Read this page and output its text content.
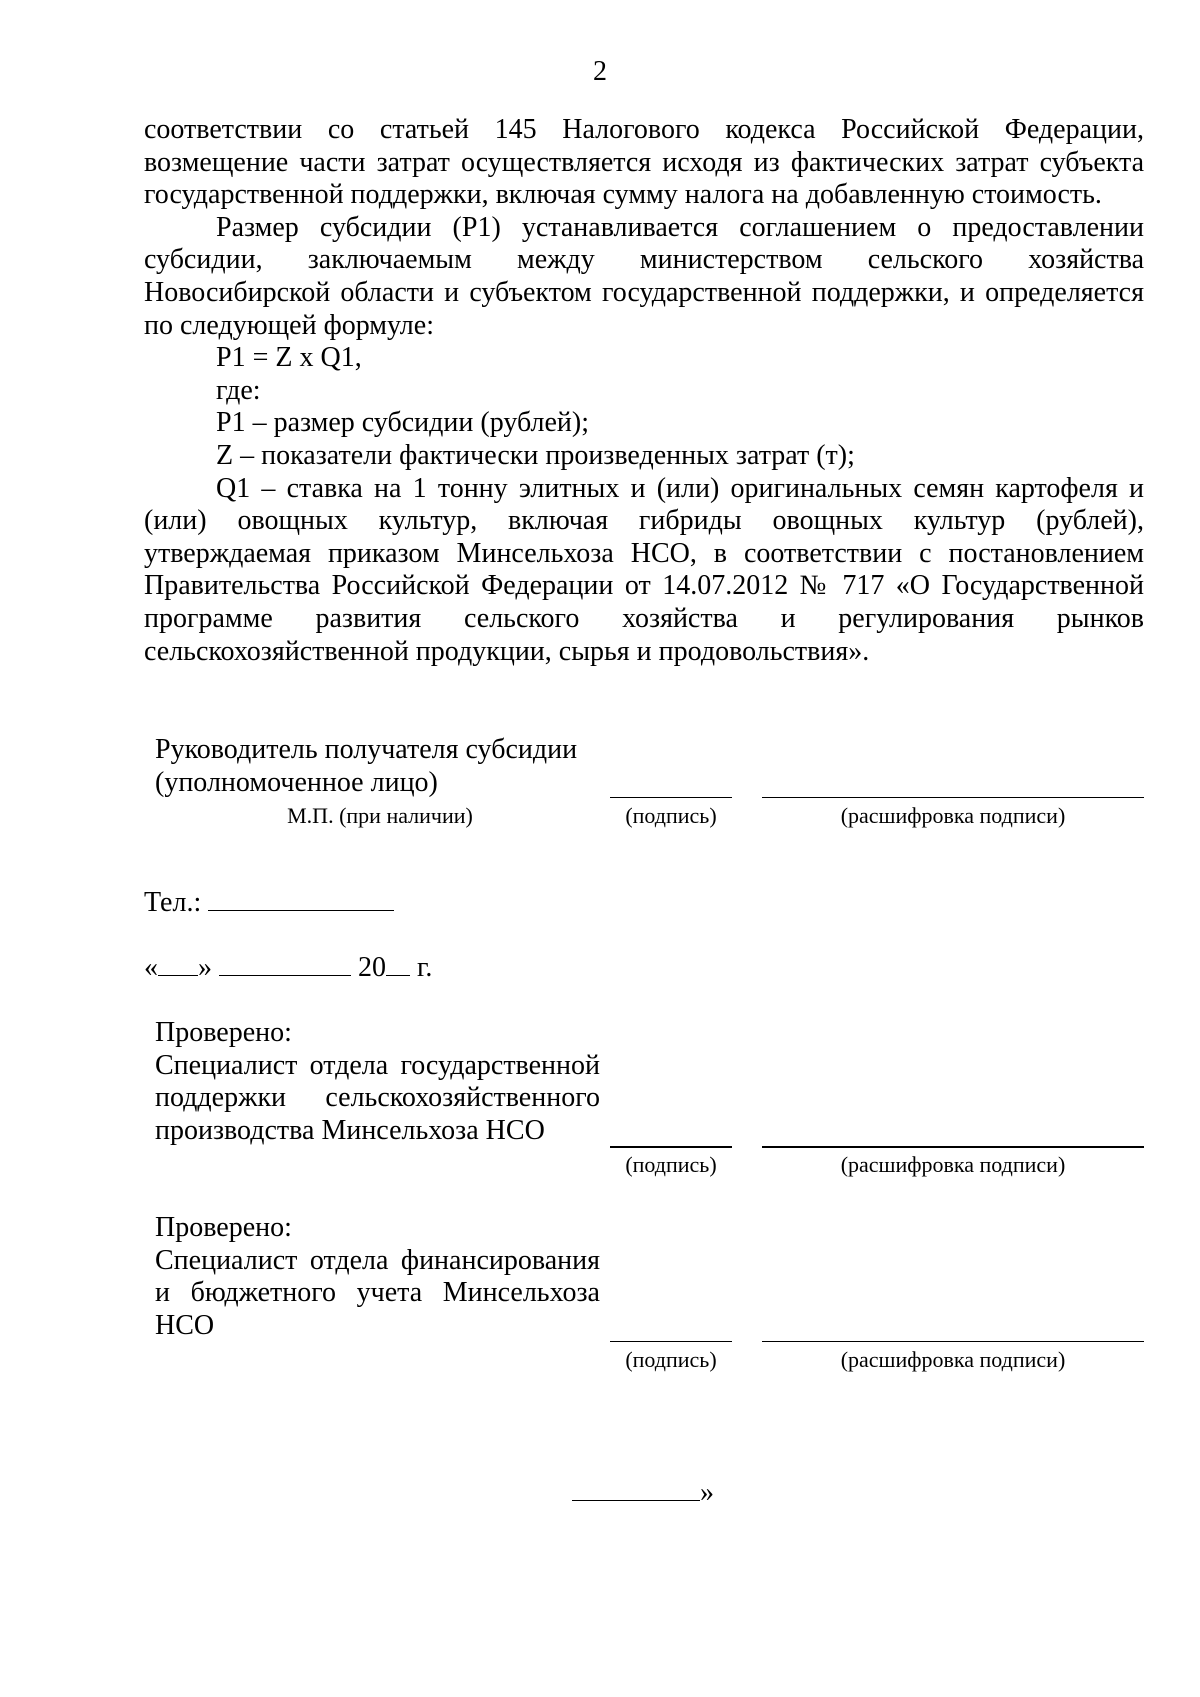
2

соответствии со статьей 145 Налогового кодекса Российской Федерации, возмещение части затрат осуществляется исходя из фактических затрат субъекта государственной поддержки, включая сумму налога на добавленную стоимость.

Размер субсидии (P1) устанавливается соглашением о предоставлении субсидии, заключаемым между министерством сельского хозяйства Новосибирской области и субъектом государственной поддержки, и определяется по следующей формуле:

P1 = Z x Q1,

где:

P1 – размер субсидии (рублей);

Z – показатели фактически произведенных затрат (т);

Q1 – ставка на 1 тонну элитных и (или) оригинальных семян картофеля и (или) овощных культур, включая гибриды овощных культур (рублей), утверждаемая приказом Минсельхоза НСО, в соответствии с постановлением Правительства Российской Федерации от 14.07.2012 № 717 «О Государственной программе развития сельского хозяйства и регулирования рынков сельскохозяйственной продукции, сырья и продовольствия».

Руководитель получателя субсидии

(уполномоченное лицо)

М.П. (при наличии)	(подпись)	(расшифровка подписи)
Тел.:
« »	20 г.

Проверено:

Специалист отдела государственной

поддержки сельскохозяйственного

производства Минсельхоза НСО

(подпись)	(расшифровка подписи)

Проверено:

Специалист отдела финансирования

и бюджетного учета Минсельхоза

НСО

(подпись)	(расшифровка подписи)
»
